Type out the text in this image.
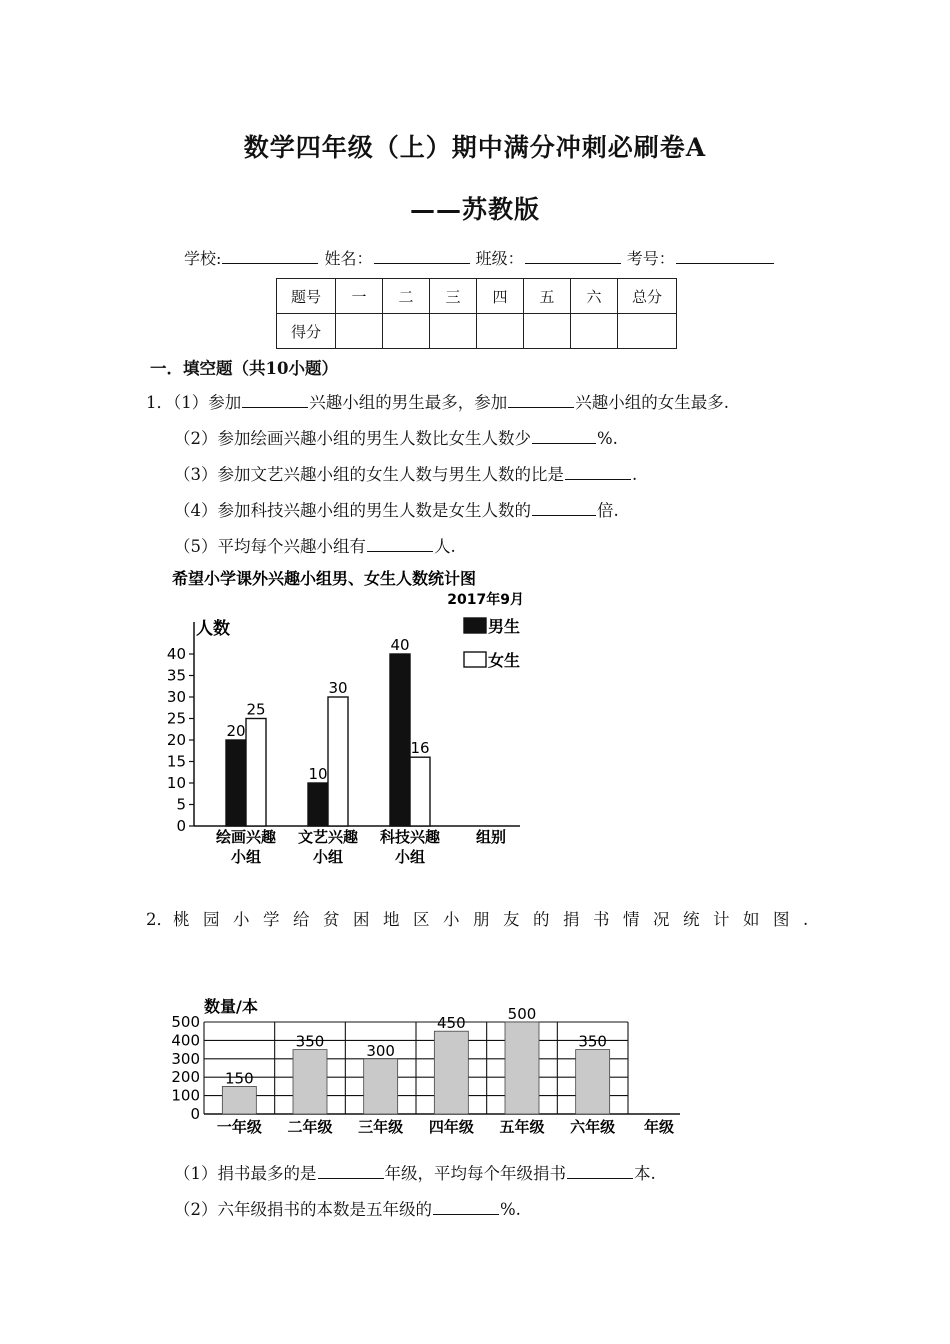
数学四年级（上）期中满分冲刺必刷卷A
——苏教版
学校:	姓名：	班级：	考号：
题号	一	二	三	四	五	六	总分
得分							
一．填空题（共10小题）
1．（1）参加	兴趣小组的男生最多，参加	兴趣小组的女生最多.
（2）参加绘画兴趣小组的男生人数比女生人数少	%.
（3）参加文艺兴趣小组的女生人数与男生人数的比是	.
（4）参加科技兴趣小组的男生人数是女生人数的	倍.
（5）平均每个兴趣小组有	人.
希望小学课外兴趣小组男、女生人数统计图
2017年9月
人数
组别
0
5
10
15
20
25
30
35
40
20
25
10
30
40
16
绘画兴趣
小组
文艺兴趣
小组
科技兴趣
小组
男生
女生
2．桃园小学给贫困地区小朋友的捐书情况统计如图.
数量/本
年级
0
100
200
300
400
500
150
350
300
450
500
350
一年级 二年级 三年级 四年级 五年级 六年级
（1）捐书最多的是	年级，平均每个年级捐书	本.
（2）六年级捐书的本数是五年级的	%.
